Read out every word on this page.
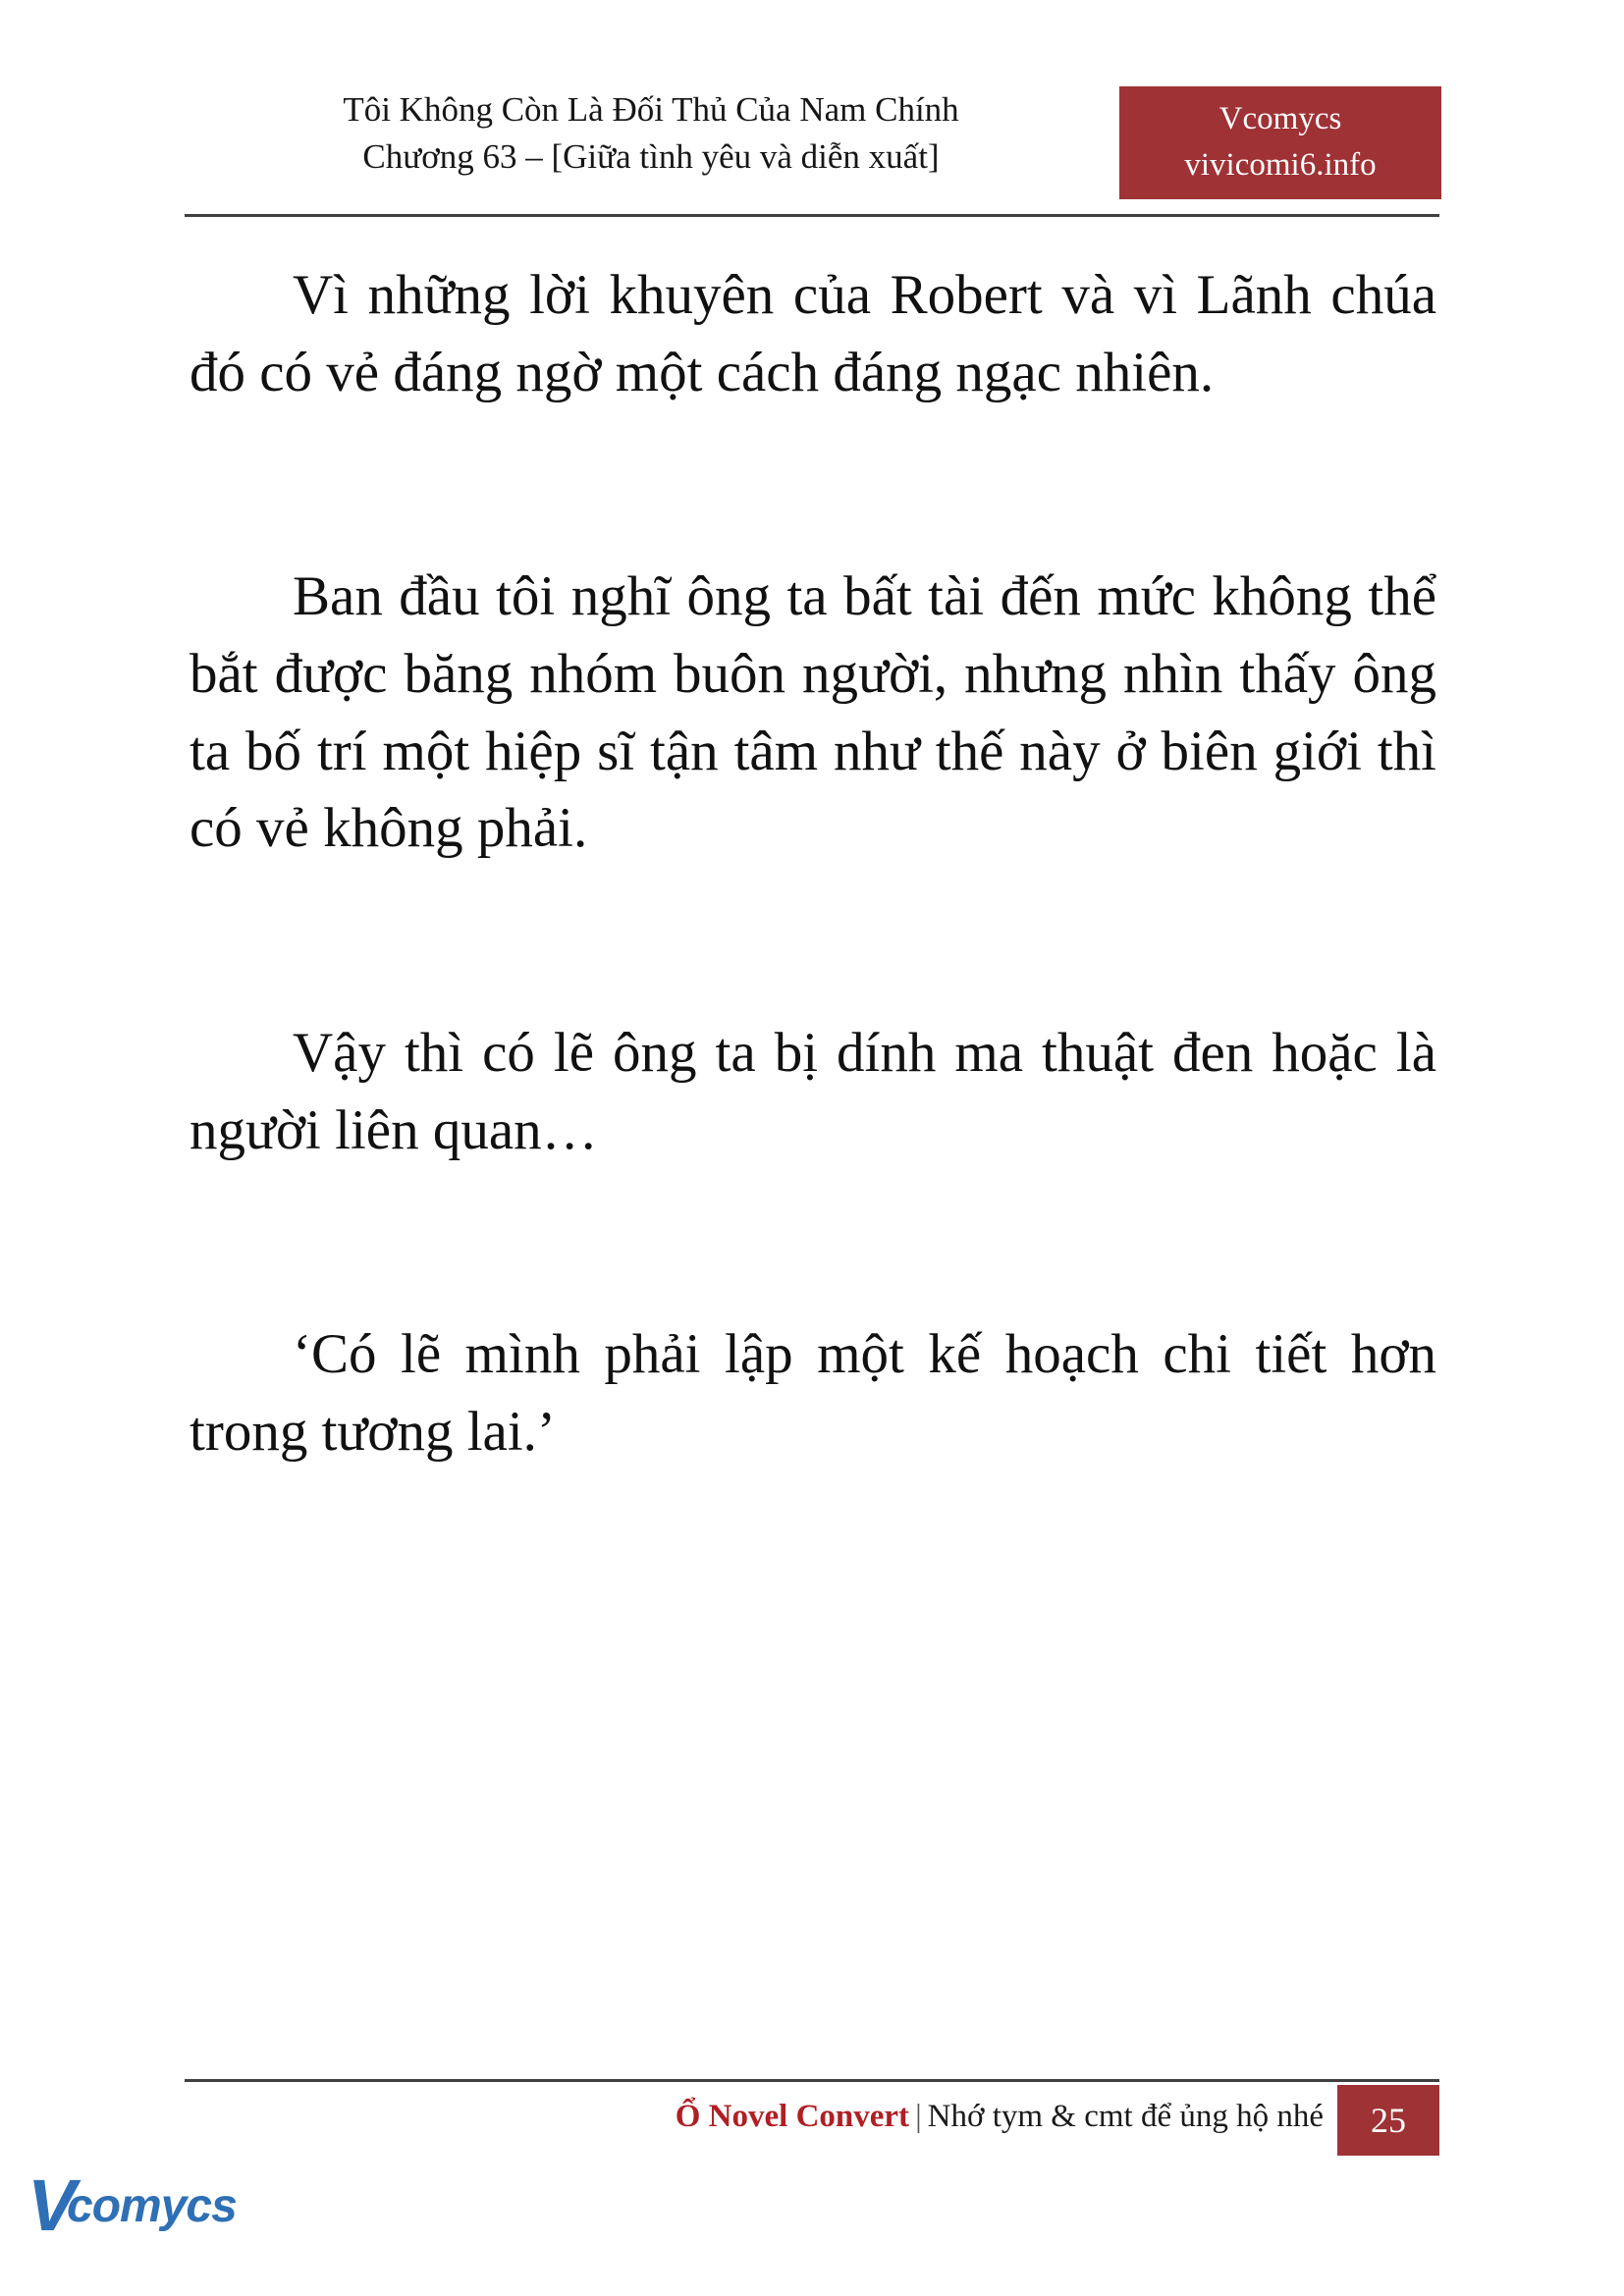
Tôi Không Còn Là Đối Thủ Của Nam Chính
Chương 63 – [Giữa tình yêu và diễn xuất]
Vcomycs
vivicomi6.info

Vì những lời khuyên của Robert và vì Lãnh chúa đó có vẻ đáng ngờ một cách đáng ngạc nhiên.

Ban đầu tôi nghĩ ông ta bất tài đến mức không thể bắt được băng nhóm buôn người, nhưng nhìn thấy ông ta bố trí một hiệp sĩ tận tâm như thế này ở biên giới thì có vẻ không phải.

Vậy thì có lẽ ông ta bị dính ma thuật đen hoặc là người liên quan…

‘Có lẽ mình phải lập một kế hoạch chi tiết hơn trong tương lai.’

Ổ Novel Convert | Nhớ tym & cmt để ủng hộ nhé	25
V
comycs
